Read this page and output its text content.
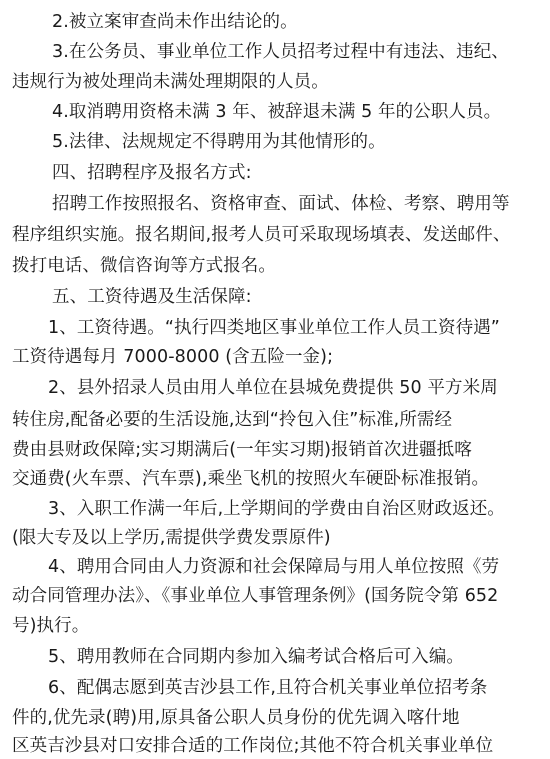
2.被立案审查尚未作出结论的。
3.在公务员、事业单位工作人员招考过程中有违法、违纪、
违规行为被处理尚未满处理期限的人员。
4.取消聘用资格未满 3 年、被辞退未满 5 年的公职人员。
5.法律、法规规定不得聘用为其他情形的。
四、招聘程序及报名方式:
招聘工作按照报名、资格审查、面试、体检、考察、聘用等
程序组织实施。报名期间,报考人员可采取现场填表、发送邮件、
拨打电话、微信咨询等方式报名。
五、工资待遇及生活保障:
1、工资待遇。“执行四类地区事业单位工作人员工资待遇”
工资待遇每月 7000-8000 (含五险一金);
2、县外招录人员由用人单位在县城免费提供 50 平方米周
转住房,配备必要的生活设施,达到“拎包入住”标准,所需经
费由县财政保障;实习期满后(一年实习期)报销首次进疆抵喀
交通费(火车票、汽车票),乘坐飞机的按照火车硬卧标准报销。
3、入职工作满一年后,上学期间的学费由自治区财政返还。
(限大专及以上学历,需提供学费发票原件)
4、聘用合同由人力资源和社会保障局与用人单位按照《劳
动合同管理办法》、《事业单位人事管理条例》(国务院令第 652
号)执行。
5、聘用教师在合同期内参加入编考试合格后可入编。
6、配偶志愿到英吉沙县工作,且符合机关事业单位招考条
件的,优先录(聘)用,原具备公职人员身份的优先调入喀什地
区英吉沙县对口安排合适的工作岗位;其他不符合机关事业单位
